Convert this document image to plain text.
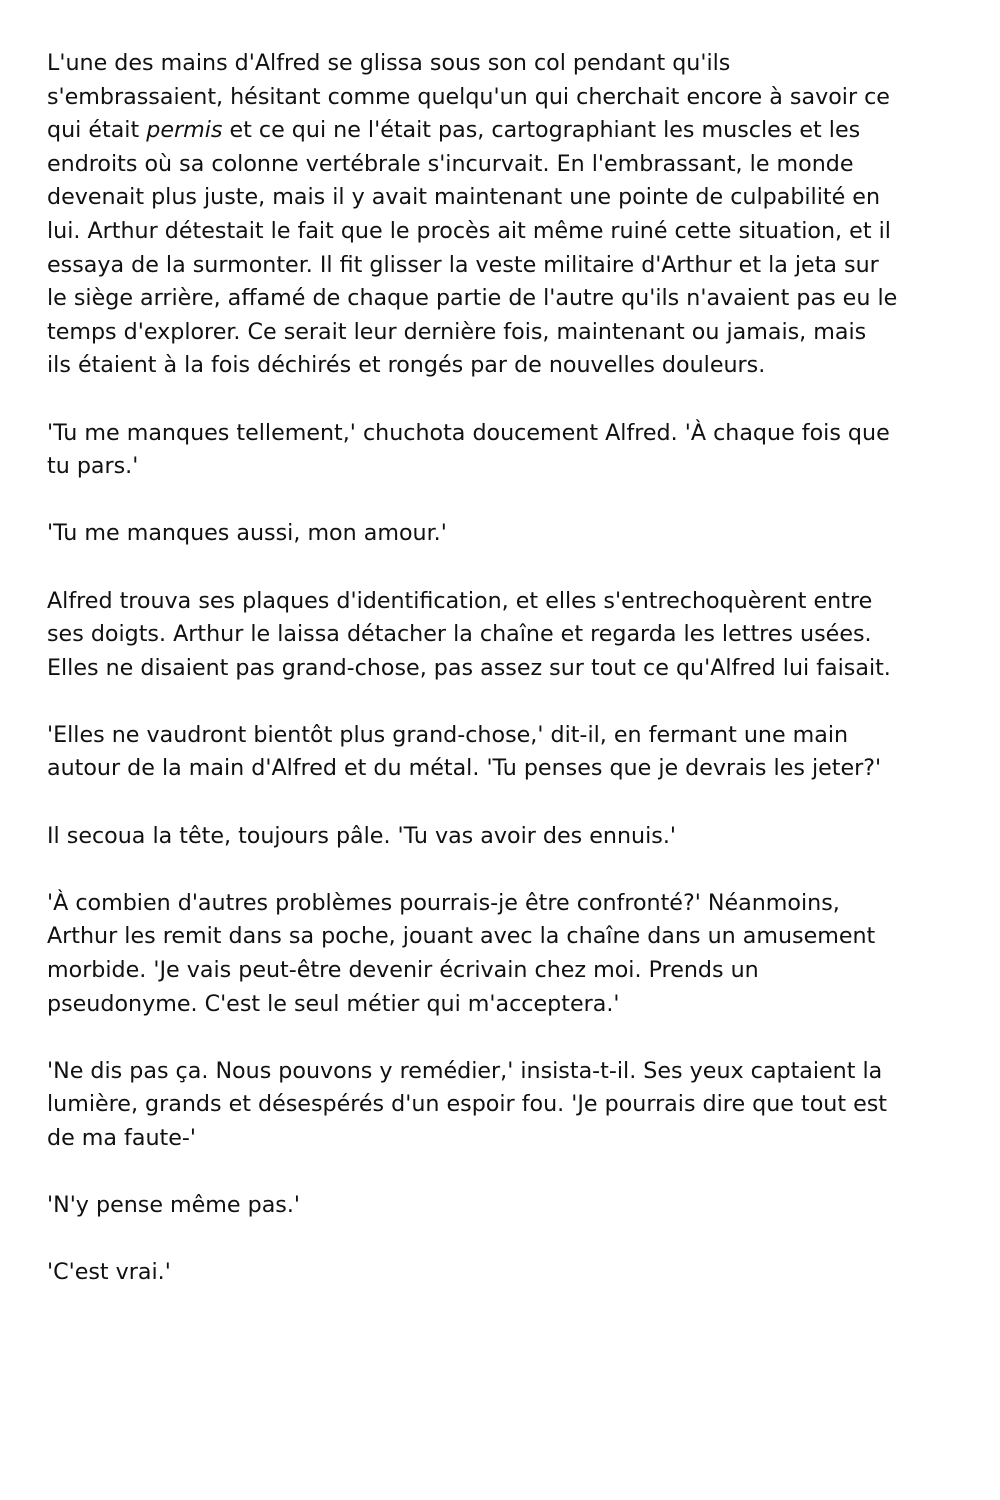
L'une des mains d'Alfred se glissa sous son col pendant qu'ils
s'embrassaient, hésitant comme quelqu'un qui cherchait encore à savoir ce
qui était permis et ce qui ne l'était pas, cartographiant les muscles et les
endroits où sa colonne vertébrale s'incurvait. En l'embrassant, le monde
devenait plus juste, mais il y avait maintenant une pointe de culpabilité en
lui. Arthur détestait le fait que le procès ait même ruiné cette situation, et il
essaya de la surmonter. Il fit glisser la veste militaire d'Arthur et la jeta sur
le siège arrière, affamé de chaque partie de l'autre qu'ils n'avaient pas eu le
temps d'explorer. Ce serait leur dernière fois, maintenant ou jamais, mais
ils étaient à la fois déchirés et rongés par de nouvelles douleurs.
'Tu me manques tellement,' chuchota doucement Alfred. 'À chaque fois que
tu pars.'
'Tu me manques aussi, mon amour.'
Alfred trouva ses plaques d'identification, et elles s'entrechoquèrent entre
ses doigts. Arthur le laissa détacher la chaîne et regarda les lettres usées.
Elles ne disaient pas grand-chose, pas assez sur tout ce qu'Alfred lui faisait.
'Elles ne vaudront bientôt plus grand-chose,' dit-il, en fermant une main
autour de la main d'Alfred et du métal. 'Tu penses que je devrais les jeter?'
Il secoua la tête, toujours pâle. 'Tu vas avoir des ennuis.'
'À combien d'autres problèmes pourrais-je être confronté?' Néanmoins,
Arthur les remit dans sa poche, jouant avec la chaîne dans un amusement
morbide. 'Je vais peut-être devenir écrivain chez moi. Prends un
pseudonyme. C'est le seul métier qui m'acceptera.'
'Ne dis pas ça. Nous pouvons y remédier,' insista-t-il. Ses yeux captaient la
lumière, grands et désespérés d'un espoir fou. 'Je pourrais dire que tout est
de ma faute-'
'N'y pense même pas.'
'C'est vrai.'
